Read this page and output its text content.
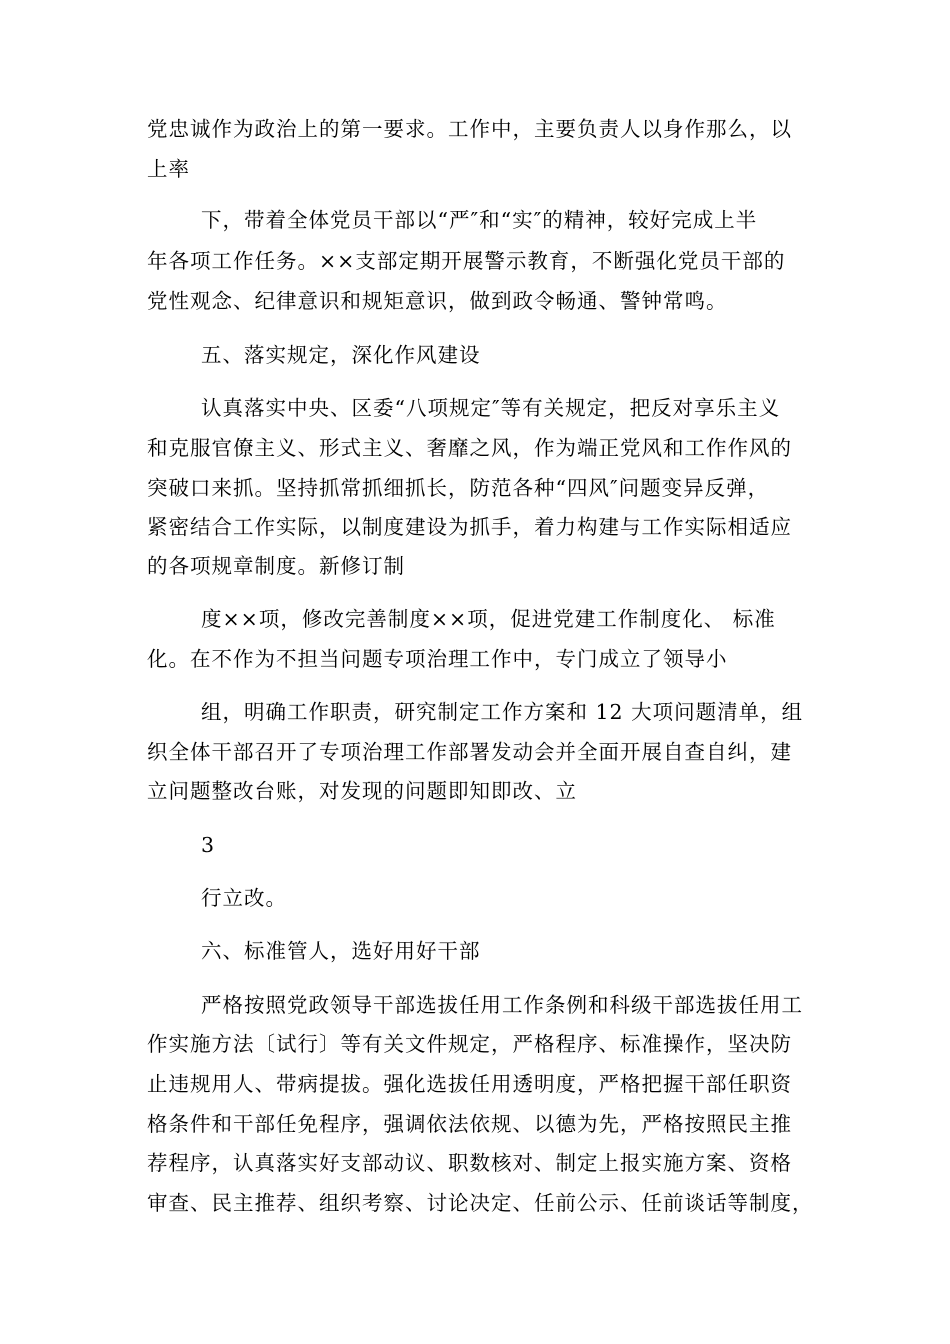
党忠诚作为政治上的第一要求。工作中，主要负责人以身作那么，以
上率
下，带着全体党员干部以“严″和“实″的精神，较好完成上半
年各项工作任务。××支部定期开展警示教育，不断强化党员干部的
党性观念、纪律意识和规矩意识，做到政令畅通、警钟常鸣。
五、落实规定，深化作风建设
认真落实中央、区委“八项规定″等有关规定，把反对享乐主义
和克服官僚主义、形式主义、奢靡之风，作为端正党风和工作作风的
突破口来抓。坚持抓常抓细抓长，防范各种“四风″问题变异反弹，
紧密结合工作实际，以制度建设为抓手，着力构建与工作实际相适应
的各项规章制度。新修订制
度××项，修改完善制度××项，促进党建工作制度化、 标准
化。在不作为不担当问题专项治理工作中，专门成立了领导小
组，明确工作职责，研究制定工作方案和 12 大项问题清单，组
织全体干部召开了专项治理工作部署发动会并全面开展自查自纠，建
立问题整改台账，对发现的问题即知即改、立
3
行立改。
六、标准管人，选好用好干部
严格按照党政领导干部选拔任用工作条例和科级干部选拔任用工
作实施方法〔试行〕等有关文件规定，严格程序、标准操作，坚决防
止违规用人、带病提拔。强化选拔任用透明度，严格把握干部任职资
格条件和干部任免程序，强调依法依规、以德为先，严格按照民主推
荐程序，认真落实好支部动议、职数核对、制定上报实施方案、资格
审查、民主推荐、组织考察、讨论决定、任前公示、任前谈话等制度，
